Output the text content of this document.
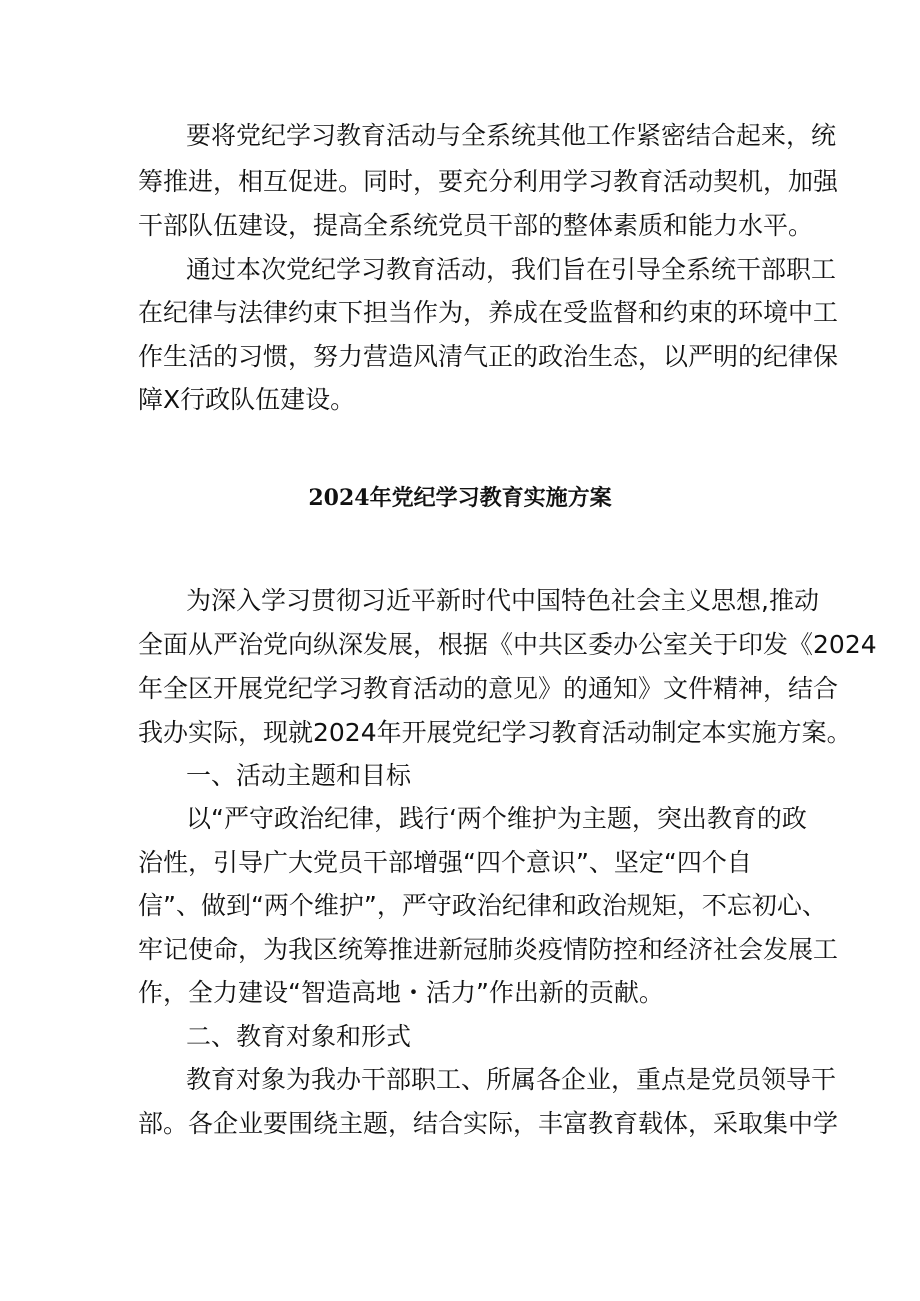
要将党纪学习教育活动与全系统其他工作紧密结合起来，统
筹推进，相互促进。同时，要充分利用学习教育活动契机，加强
干部队伍建设，提高全系统党员干部的整体素质和能力水平。
通过本次党纪学习教育活动，我们旨在引导全系统干部职工
在纪律与法律约束下担当作为，养成在受监督和约束的环境中工
作生活的习惯，努力营造风清气正的政治生态，以严明的纪律保
障X行政队伍建设。
2024年党纪学习教育实施方案
为深入学习贯彻习近平新时代中国特色社会主义思想,推动
全面从严治党向纵深发展，根据《中共区委办公室关于印发《2024
年全区开展党纪学习教育活动的意见》的通知》文件精神，结合
我办实际，现就2024年开展党纪学习教育活动制定本实施方案。
一、活动主题和目标
以“严守政治纪律，践行‘两个维护为主题，突出教育的政
治性，引导广大党员干部增强“四个意识”、坚定“四个自
信”、做到“两个维护”，严守政治纪律和政治规矩，不忘初心、
牢记使命，为我区统筹推进新冠肺炎疫情防控和经济社会发展工
作，全力建设“智造高地・活力”作出新的贡献。
二、教育对象和形式
教育对象为我办干部职工、所属各企业，重点是党员领导干
部。各企业要围绕主题，结合实际，丰富教育载体，采取集中学
